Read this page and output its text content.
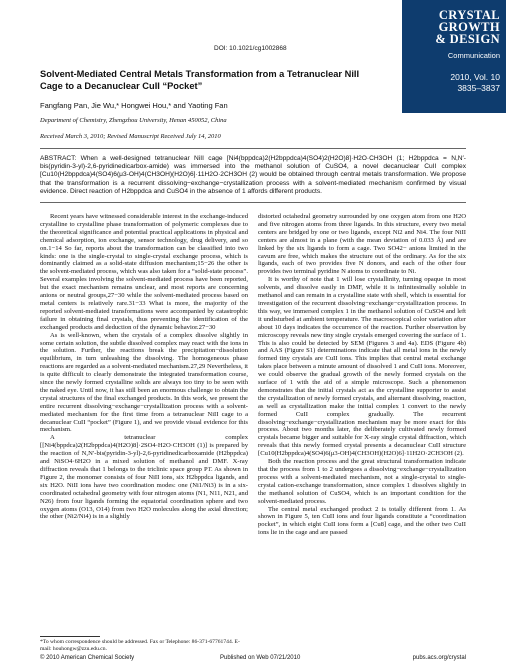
CRYSTAL
GROWTH
& DESIGN
Communication
2010, Vol. 10
3835–3837
DOI: 10.1021/cg1002868
Solvent-Mediated Central Metals Transformation from a Tetranuclear NiII Cage to a Decanuclear CuII “Pocket”
Fangfang Pan, Jie Wu,* Hongwei Hou,* and Yaoting Fan
Department of Chemistry, Zhengzhou University, Henan 450052, China
Received March 3, 2010; Revised Manuscript Received July 14, 2010
ABSTRACT: When a well-designed tetranuclear NiII cage [Ni4(bppdca)2(H2bppdca)4(SO4)2(H2O)8]·H2O·CH3OH (1; H2bppdca = N,N′-bis(pyridin-3-yl)-2,6-pyridinedicarbox-amide) was immersed into the methanol solution of CuSO4, a novel decanuclear CuII complex [Cu10(H2bppdca)4(SO4)6(μ3-OH)4(CH3OH)(H2O)6]·11H2O·2CH3OH (2) would be obtained through central metals transformation. We propose that the transformation is a recurrent dissolving−exchange−crystallization process with a solvent-mediated mechanism confirmed by visual evidence. Direct reaction of H2bppdca and CuSO4 in the absence of 1 affords different products.

Recent years have witnessed considerable interest in the exchange-induced crystalline to crystalline phase transformation of polymeric complexes due to the theoretical significance and potential practical applications in physical and chemical adsorption, ion exchange, sensor technology, drug delivery, and so on.1−14 So far, reports about the transformation can be classified into two kinds: one is the single-crystal to single-crystal exchange process, which is dominantly claimed as a solid-state diffusion mechanism;15−26 the other is the solvent-mediated process, which was also taken for a “solid-state process”. Several examples involving the solvent-mediated process have been reported, but the exact mechanism remains unclear, and most reports are concerning anions or neutral groups,27−30 while the solvent-mediated process based on metal centers is relatively rare.31−33 What is more, the majority of the reported solvent-mediated transformations were accompanied by catastrophic failure in obtaining final crystals, thus preventing the identification of the exchanged products and deduction of the dynamic behavior.27−30

As is well-known, when the crystals of a complex dissolve slightly in some certain solution, the subtle dissolved complex may react with the ions in the solution. Further, the reactions break the precipitation−dissolution equilibrium, in turn unleashing the dissolving. The homogeneous phase reactions are regarded as a solvent-mediated mechanism.27,29 Nevertheless, it is quite difficult to clearly demonstrate the integrated transformation course, since the newly formed crystalline solids are always too tiny to be seen with the naked eye. Until now, it has still been an enormous challenge to obtain the crystal structures of the final exchanged products. In this work, we present the entire recurrent dissolving−exchange−crystallization process with a solvent-mediated mechanism for the first time from a tetranuclear NiII cage to a decanuclear CuII “pocket” (Figure 1), and we provide visual evidence for this mechanism.

A tetranuclear complex [[Ni4(bppdca)2(H2bppdca)4(H2O)8]·2SO4·H2O·CH3OH (1)] is prepared by the reaction of N,N′-bis(pyridin-3-yl)-2,6-pyridinedicarboxamide (H2bppdca) and NiSO4·6H2O in a mixed solution of methanol and DMF. X-ray diffraction reveals that 1 belongs to the triclinic space group P1̄. As shown in Figure 2, the monomer consists of four NiII ions, six H2bppdca ligands, and six H2O. NiII ions have two coordination modes: one (Ni1/Ni3) is in a six-coordinated octahedral geometry with four nitrogen atoms (N1, N11, N21, and N26) from four ligands forming the equatorial coordination sphere and two oxygen atoms (O13, O14) from two H2O molecules along the axial direction; the other (Ni2/Ni4) is in a slightly

distorted octahedral geometry surrounded by one oxygen atom from one H2O and five nitrogen atoms from three ligands. In this structure, every two metal centers are bridged by one or two ligands, except Ni2 and Ni4. The four NiII centers are almost in a plane (with the mean deviation of 0.033 Å) and are linked by the six ligands to form a cage. Two SO42− anions limited in the cavum are free, which makes the structure out of the ordinary. As for the six ligands, each of two provides five N donors, and each of the other four provides two terminal pyridine N atoms to coordinate to Ni.

It is worthy of note that 1 will lose crystallinity, turning opaque in most solvents, and dissolve easily in DMF, while it is infinitesimally soluble in methanol and can remain in a crystalline state with shell, which is essential for investigation of the recurrent dissolving−exchange−crystallization process. In this way, we immersed complex 1 in the methanol solution of CuSO4 and left it undisturbed at ambient temperature. The macroscopical color variation after about 10 days indicates the occurrence of the reaction. Further observation by microscopy reveals new tiny single crystals emerged covering the surface of 1. This is also could be detected by SEM (Figures 3 and 4a). EDS (Figure 4b) and AAS (Figure S1) determinations indicate that all metal ions in the newly formed tiny crystals are CuII ions. This implies that central metal exchange takes place between a minute amount of dissolved 1 and CuII ions. Moreover, we could observe the gradual growth of the newly formed crystals on the surface of 1 with the aid of a simple microscope. Such a phenomenon demonstrates that the initial crystals act as the crystalline supporter to assist the crystallization of newly formed crystals, and alternant dissolving, reaction, as well as crystallization make the initial complex 1 convert to the newly formed CuII complex gradually. The recurrent dissolving−exchange−crystallization mechanism may be more exact for this process. About two months later, the deliberately cultivated newly formed crystals became bigger and suitable for X-ray single crystal diffraction, which reveals that this newly formed crystal presents a decanuclear CuII structure [Cu10(H2bppdca)4(SO4)6(μ3-OH)4(CH3OH)(H2O)6]·11H2O·2CH3OH (2).

Both the reaction process and the great structural transformation indicate that the process from 1 to 2 undergoes a dissolving−exchange−crystallization process with a solvent-mediated mechanism, not a single-crystal to single-crystal cation-exchange transformation, since complex 1 dissolves slightly in the methanol solution of CuSO4, which is an important condition for the solvent-mediated process.

The central metal exchanged product 2 is totally different from 1. As shown in Figure 5, ten CuII ions and four ligands constitute a “coordination pocket”, in which eight CuII ions form a [Cu8] cage, and the other two CuII ions lie in the cage and are passed

*To whom correspondence should be addressed. Fax or Telephone: 86-371-67761744. E-mail: houhongw@zzu.edu.cn.
© 2010 American Chemical Society	Published on Web 07/21/2010	pubs.acs.org/crystal
